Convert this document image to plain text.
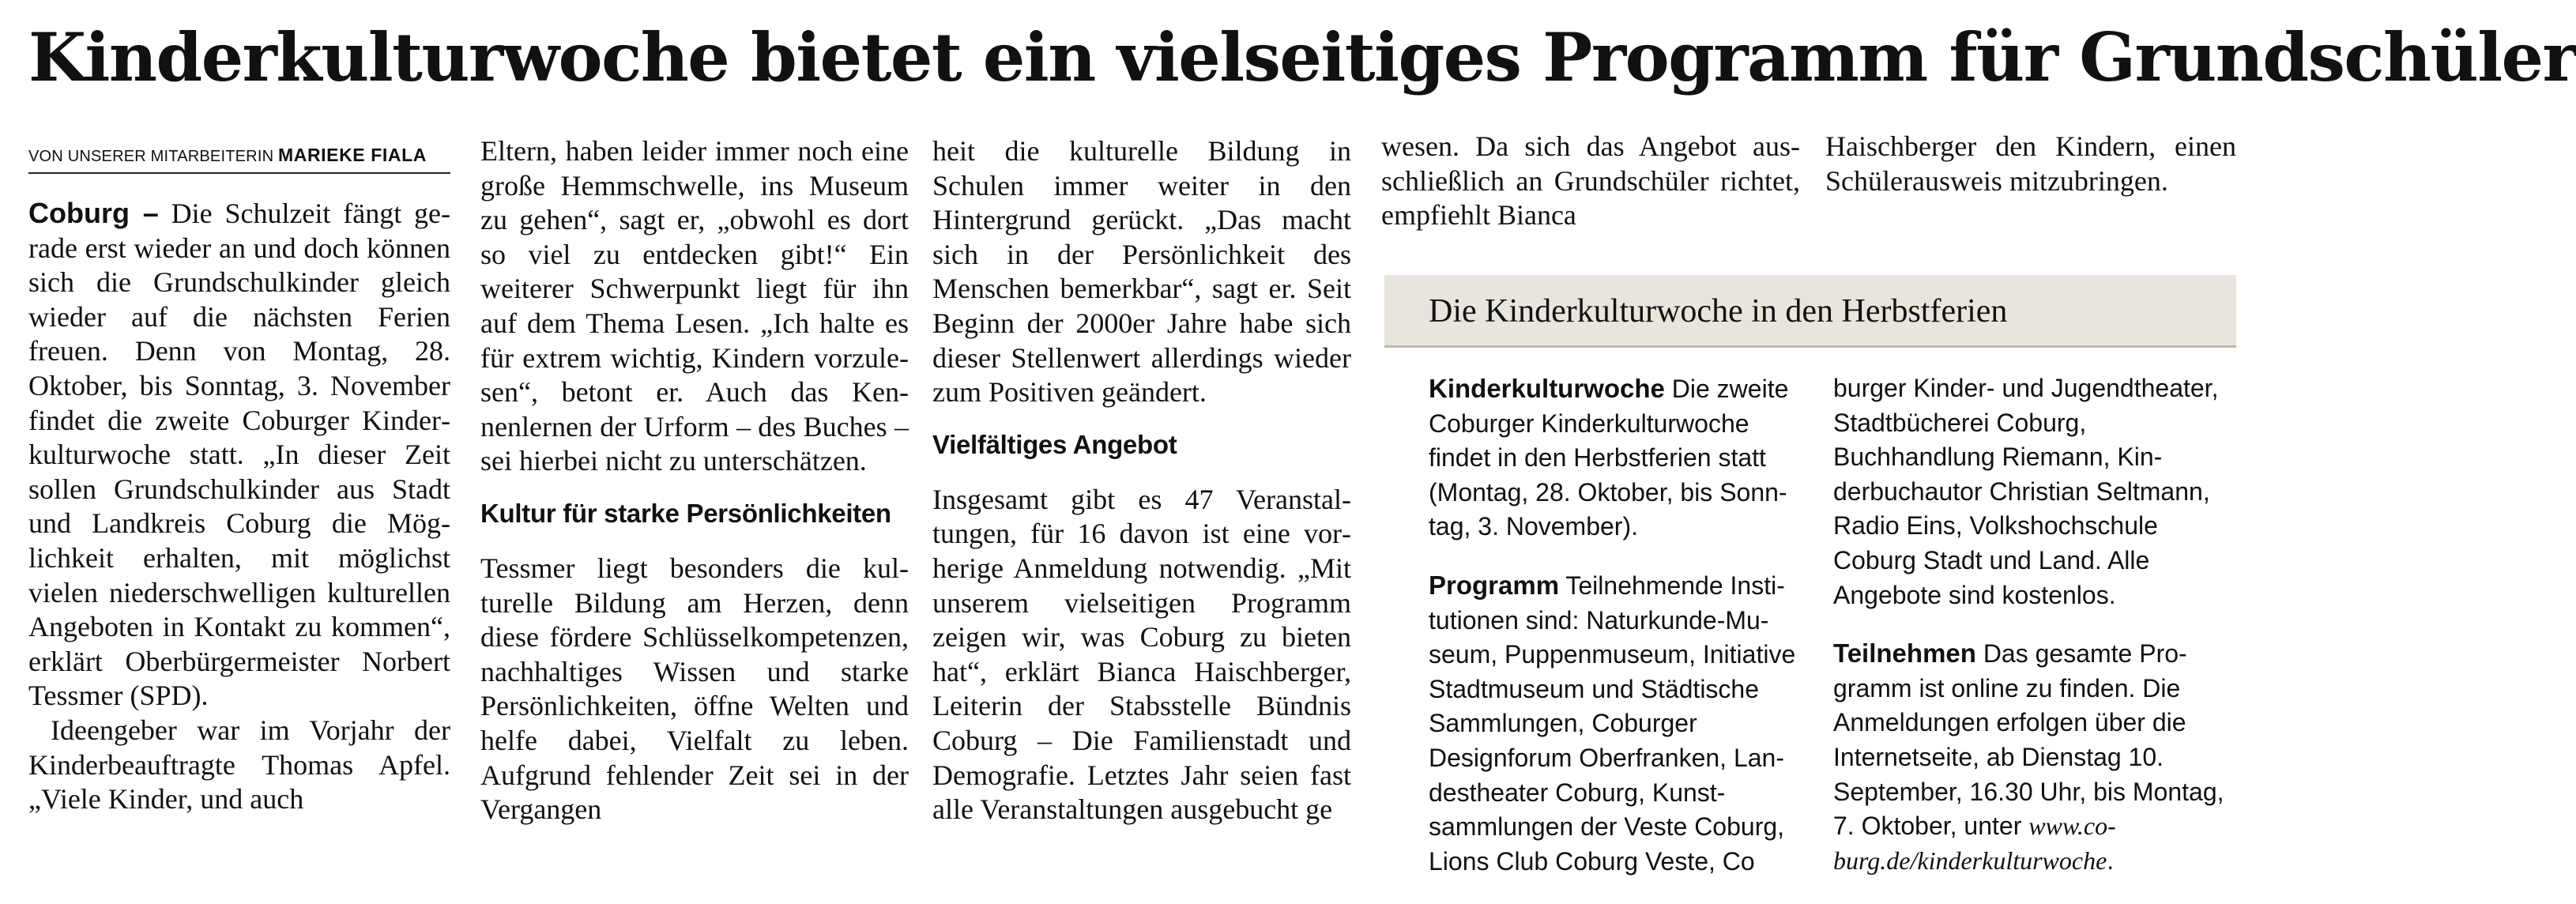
Kinderkulturwoche bietet ein vielseitiges Programm für Grundschüler
VON UNSERER MITARBEITERIN MARIEKE FIALA

Coburg – Die Schulzeit fängt gerade erst wieder an und doch können sich die Grundschulkinder gleich wieder auf die nächsten Ferien freuen. Denn von Montag, 28. Oktober, bis Sonntag, 3. November findet die zweite Coburger Kinderkulturwoche statt. „In dieser Zeit sollen Grundschulkinder aus Stadt und Landkreis Coburg die Möglichkeit erhalten, mit möglichst vielen niederschwelligen kulturellen Angeboten in Kontakt zu kommen“, erklärt Oberbürgermeister Norbert Tessmer (SPD).

Ideengeber war im Vorjahr der Kinderbeauftragte Thomas Apfel. „Viele Kinder, und auch

Eltern, haben leider immer noch eine große Hemmschwelle, ins Museum zu gehen“, sagt er, „obwohl es dort so viel zu entdecken gibt!“ Ein weiterer Schwerpunkt liegt für ihn auf dem Thema Lesen. „Ich halte es für extrem wichtig, Kindern vorzulesen“, betont er. Auch das Kennenlernen der Urform – des Buches – sei hierbei nicht zu unterschätzen.

Kultur für starke Persönlichkeiten

Tessmer liegt besonders die kulturelle Bildung am Herzen, denn diese fördere Schlüsselkompetenzen, nachhaltiges Wissen und starke Persönlichkeiten, öffne Welten und helfe dabei, Vielfalt zu leben. Aufgrund fehlender Zeit sei in der Vergangen

heit die kulturelle Bildung in Schulen immer weiter in den Hintergrund gerückt. „Das macht sich in der Persönlichkeit des Menschen bemerkbar“, sagt er. Seit Beginn der 2000er Jahre habe sich dieser Stellenwert allerdings wieder zum Positiven geändert.

Vielfältiges Angebot

Insgesamt gibt es 47 Veranstaltungen, für 16 davon ist eine vorherige Anmeldung notwendig. „Mit unserem vielseitigen Programm zeigen wir, was Coburg zu bieten hat“, erklärt Bianca Haischberger, Leiterin der Stabsstelle Bündnis Coburg – Die Familienstadt und Demografie. Letztes Jahr seien fast alle Veranstaltungen ausgebucht ge

wesen. Da sich das Angebot ausschließlich an Grundschüler richtet, empfiehlt Bianca

Haischberger den Kindern, einen Schülerausweis mitzubringen.

Die Kinderkulturwoche in den Herbstferien

Kinderkulturwoche Die zweite Coburger Kinderkulturwoche findet in den Herbstferien statt (Montag, 28. Oktober, bis Sonntag, 3. November).

Programm Teilnehmende Institutionen sind: Naturkunde-Museum, Puppenmuseum, Initiative Stadtmuseum und Städtische Sammlungen, Coburger Designforum Oberfranken, Landestheater Coburg, Kunstsammlungen der Veste Coburg, Lions Club Coburg Veste, Co

burger Kinder- und Jugendtheater, Stadtbücherei Coburg, Buchhandlung Riemann, Kinderbuchautor Christian Seltmann, Radio Eins, Volkshochschule Coburg Stadt und Land. Alle Angebote sind kostenlos.

Teilnehmen Das gesamte Programm ist online zu finden. Die Anmeldungen erfolgen über die Internetseite, ab Dienstag 10. September, 16.30 Uhr, bis Montag, 7. Oktober, unter www.coburg.de/kinderkulturwoche.
